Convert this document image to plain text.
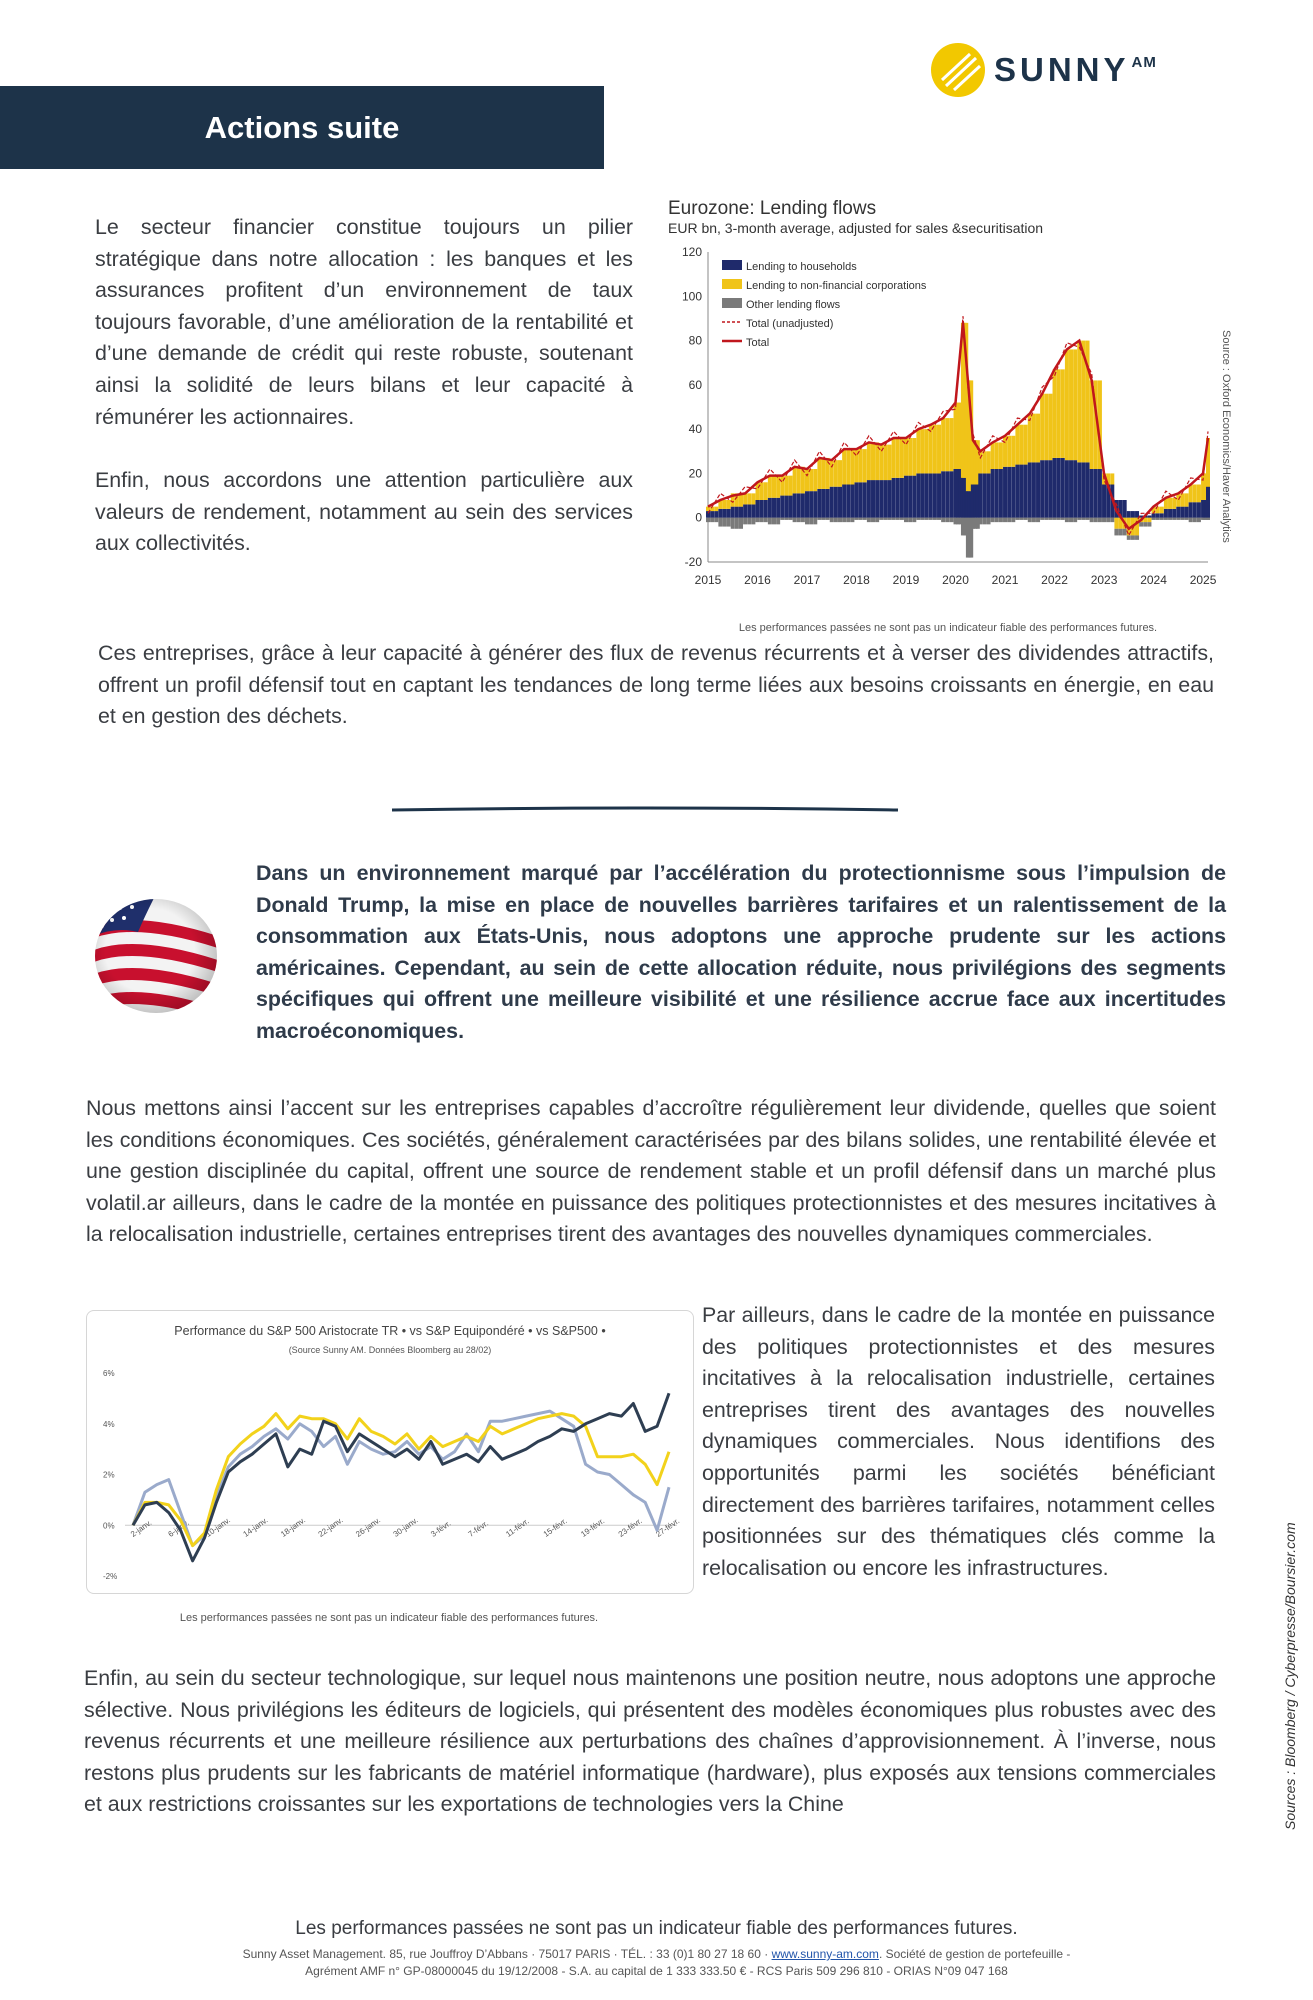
SUNNY AM
Actions suite
Le secteur financier constitue toujours un pilier stratégique dans notre allocation : les banques et les assurances profitent d’un environnement de taux toujours favorable, d’une amélioration de la rentabilité et d’une demande de crédit qui reste robuste, soutenant ainsi la solidité de leurs bilans et leur capacité à rémunérer les actionnaires.
Enfin, nous accordons une attention particulière aux valeurs de rendement, notamment au sein des services aux collectivités.
Eurozone: Lending flows
EUR bn, 3-month average, adjusted for sales &securitisation
120
100
80
60
40
20
0
-20
2015 2016 2017 2018 2019 2020 2021 2022 2023 2024 2025
Lending to households
Lending to non-financial corporations
Other lending flows
Total (unadjusted)
Total	Source : Oxford Economics/Haver Analytics
Les performances passées ne sont pas un indicateur fiable des performances futures.
Ces entreprises, grâce à leur capacité à générer des flux de revenus récurrents et à verser des dividendes attractifs, offrent un profil défensif tout en captant les tendances de long terme liées aux besoins croissants en énergie, en eau et en gestion des déchets.
Dans un environnement marqué par l’accélération du protectionnisme sous l’impulsion de Donald Trump, la mise en place de nouvelles barrières tarifaires et un ralentissement de la consommation aux États-Unis, nous adoptons une approche prudente sur les actions américaines. Cependant, au sein de cette allocation réduite, nous privilégions des segments spécifiques qui offrent une meilleure visibilité et une résilience accrue face aux incertitudes macroéconomiques.
Nous mettons ainsi l’accent sur les entreprises capables d’accroître régulièrement leur dividende, quelles que soient les conditions économiques. Ces sociétés, généralement caractérisées par des bilans solides, une rentabilité élevée et une gestion disciplinée du capital, offrent une source de rendement stable et un profil défensif dans un marché plus volatil.ar ailleurs, dans le cadre de la montée en puissance des politiques protectionnistes et des mesures incitatives à la relocalisation industrielle, certaines entreprises tirent des avantages des nouvelles dynamiques commerciales.
Performance du S&P 500 Aristocrate TR • vs S&P Equipondéré • vs S&P500 •
(Source Sunny AM. Données Bloomberg au 28/02)
6%
4%
2%
0%
-2%
2-janv. 6-janv. 10-janv. 14-janv. 18-janv. 22-janv. 26-janv. 30-janv. 3-févr. 7-févr. 11-févr. 15-févr. 19-févr. 23-févr. 27-févr.
Les performances passées ne sont pas un indicateur fiable des performances futures.
Par ailleurs, dans le cadre de la montée en puissance des politiques protectionnistes et des mesures incitatives à la relocalisation industrielle, certaines entreprises tirent des avantages des nouvelles dynamiques commerciales. Nous identifions des opportunités parmi les sociétés bénéficiant directement des barrières tarifaires, notamment celles positionnées sur des thématiques clés comme la relocalisation ou encore les infrastructures.
Enfin, au sein du secteur technologique, sur lequel nous maintenons une position neutre, nous adoptons une approche sélective. Nous privilégions les éditeurs de logiciels, qui présentent des modèles économiques plus robustes avec des revenus récurrents et une meilleure résilience aux perturbations des chaînes d’approvisionnement. À l’inverse, nous restons plus prudents sur les fabricants de matériel informatique (hardware), plus exposés aux tensions commerciales et aux restrictions croissantes sur les exportations de technologies vers la Chine	Sources : Bloomberg / Cyberpresse/Boursier.com
Les performances passées ne sont pas un indicateur fiable des performances futures.
Sunny Asset Management. 85, rue Jouffroy D’Abbans · 75017 PARIS · TÉL. : 33 (0)1 80 27 18 60 · www.sunny-am.com. Société de gestion de portefeuille -
Agrément AMF n° GP-08000045 du 19/12/2008 - S.A. au capital de 1 333 333.50 € - RCS Paris 509 296 810 - ORIAS N°09 047 168
